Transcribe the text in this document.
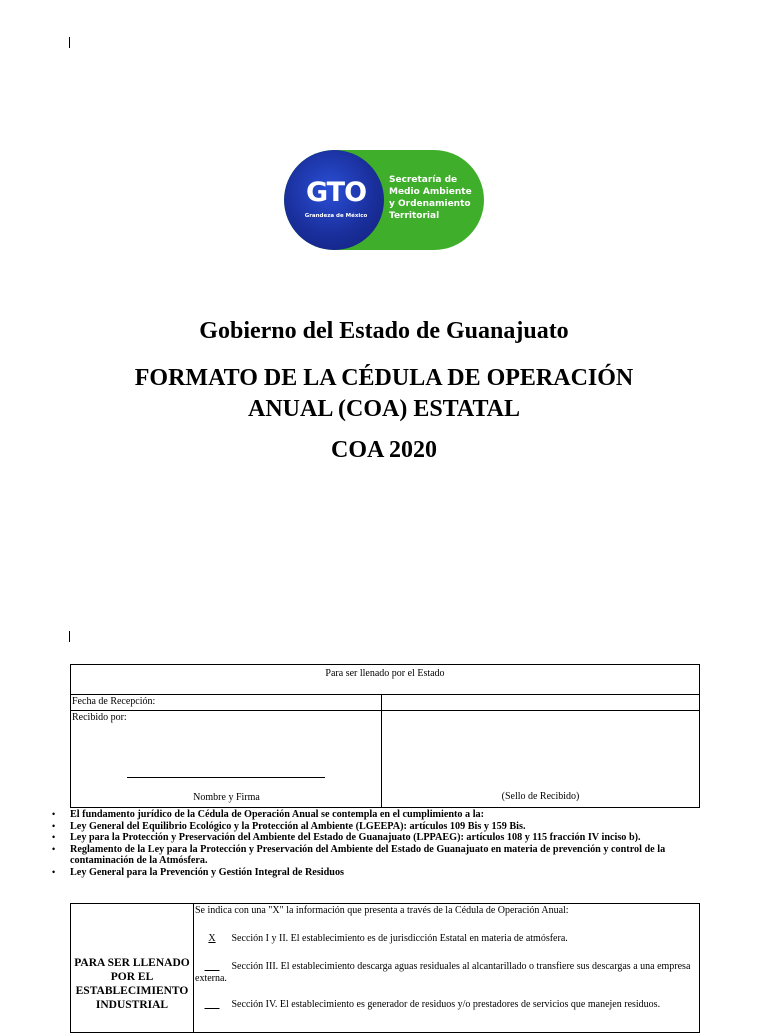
GTO
Grandeza de México
Secretaría de
Medio Ambiente
y Ordenamiento
Territorial
Gobierno del Estado de Guanajuato
FORMATO DE LA CÉDULA DE OPERACIÓN
ANUAL (COA) ESTATAL
COA 2020
Para ser llenado por el Estado
Fecha de Recepción:
Recibido por:
Nombre y Firma	(Sello de Recibido)
• El fundamento jurídico de la Cédula de Operación Anual se contempla en el cumplimiento a la:
• Ley General del Equilibrio Ecológico y la Protección al Ambiente (LGEEPA): artículos 109 Bis y 159 Bis.
• Ley para la Protección y Preservación del Ambiente del Estado de Guanajuato (LPPAEG): artículos 108 y 115 fracción IV inciso b).
• Reglamento de la Ley para la Protección y Preservación del Ambiente del Estado de Guanajuato en materia de prevención y control de la contaminación de la Atmósfera.
• Ley General para la Prevención y Gestión Integral de Residuos
PARA SER LLENADO POR EL ESTABLECIMIENTO INDUSTRIAL
Se indica con una "X" la información que presenta a través de la Cédula de Operación Anual:
X Sección I y II. El establecimiento es de jurisdicción Estatal en materia de atmósfera.
​       Sección III. El establecimiento descarga aguas residuales al alcantarillado o transfiere sus descargas a una empresa externa.
​       Sección IV. El establecimiento es generador de residuos y/o prestadores de servicios que manejen residuos.
